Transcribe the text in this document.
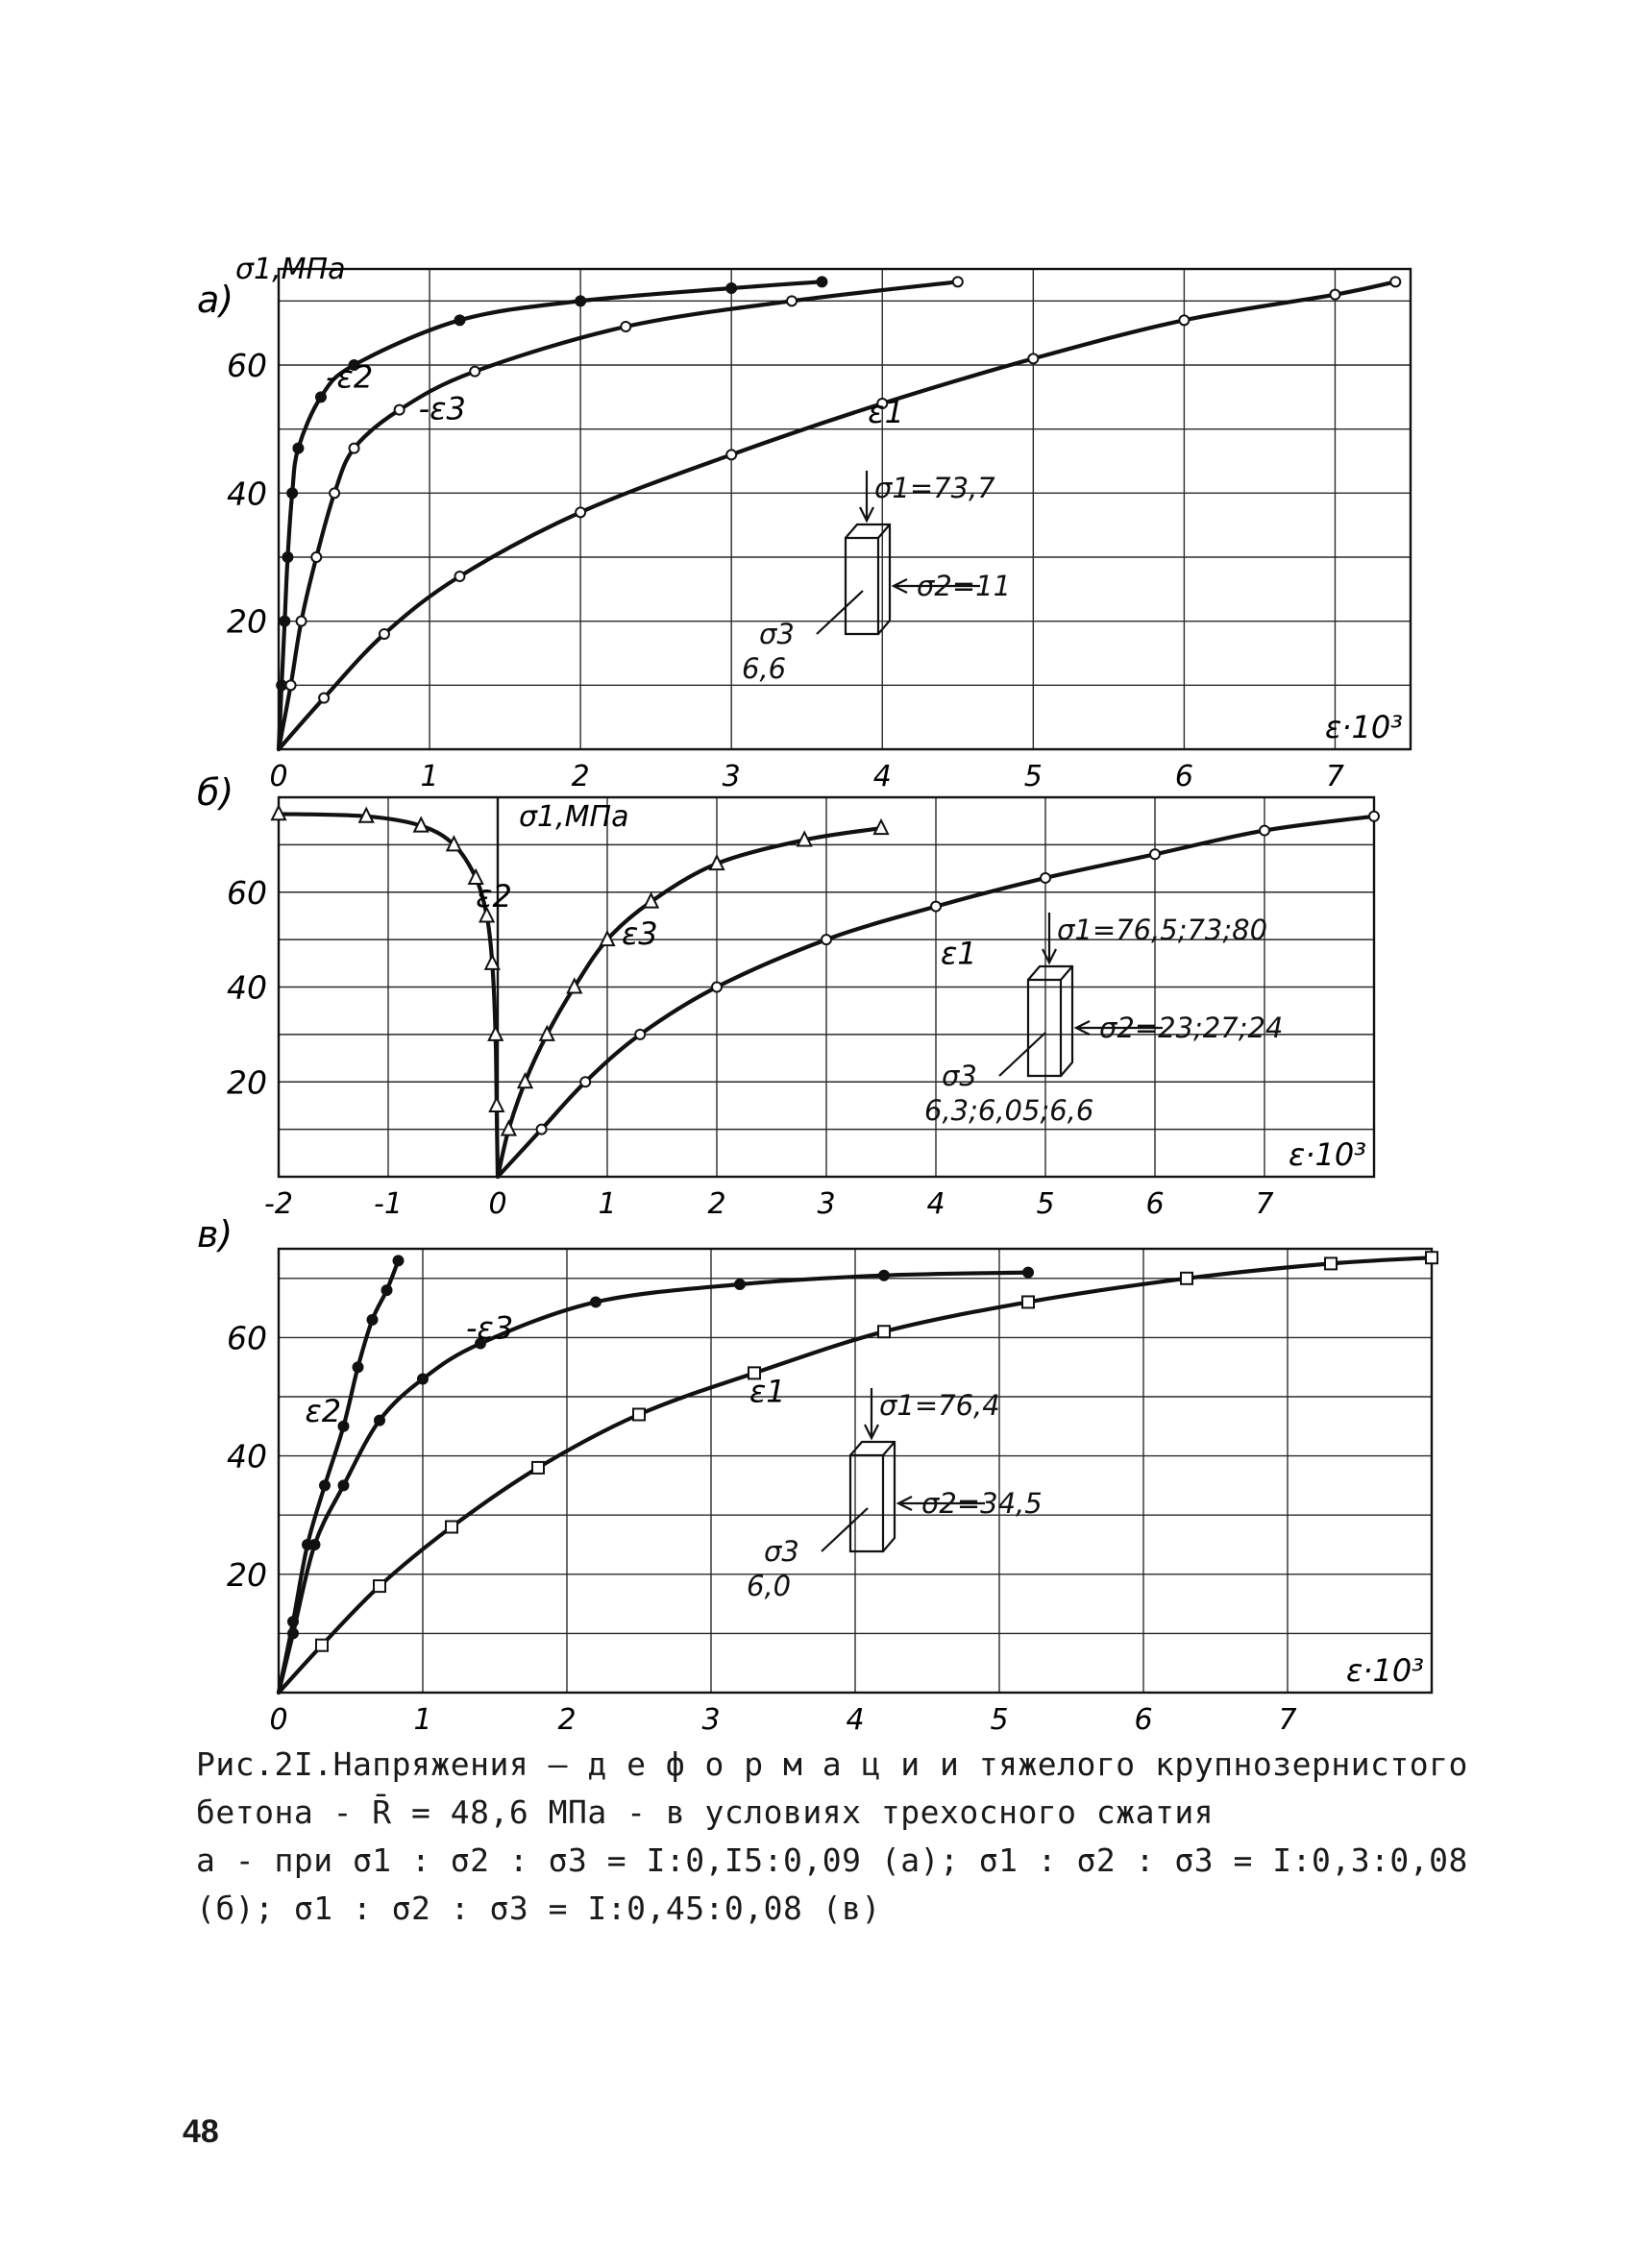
0	1	2	3	4	5	6	7
20
40
60
а)
σ1,MПa
ε·10³
-ε2
-ε3	ε1
σ1=73,7
σ2=11
σ3
6,6
-2	-1	0	1	2	3	4	5	6	7
20
40
60
б)
σ1,MПa
ε·10³
ε2
ε3
ε1
σ1=76,5;73;80
σ2=23;27;24
σ3
6,3;6,05;6,6
0	1	2	3	4	5	6	7
20
40
60
в)
ε·10³
ε2
-ε3
ε1	σ1=76,4
σ2=34,5
σ3
6,0
Рис.2I.Напряжения — д е ф о р м а ц и и тяжелого крупнозернистого
бетона - R̄ = 48,6 МПа - в условиях трехосного сжатия
а - при σ1 : σ2 : σ3 = I:0,I5:0,09 (а); σ1 : σ2 : σ3 = I:0,3:0,08
(б); σ1 : σ2 : σ3 = I:0,45:0,08 (в)
48
